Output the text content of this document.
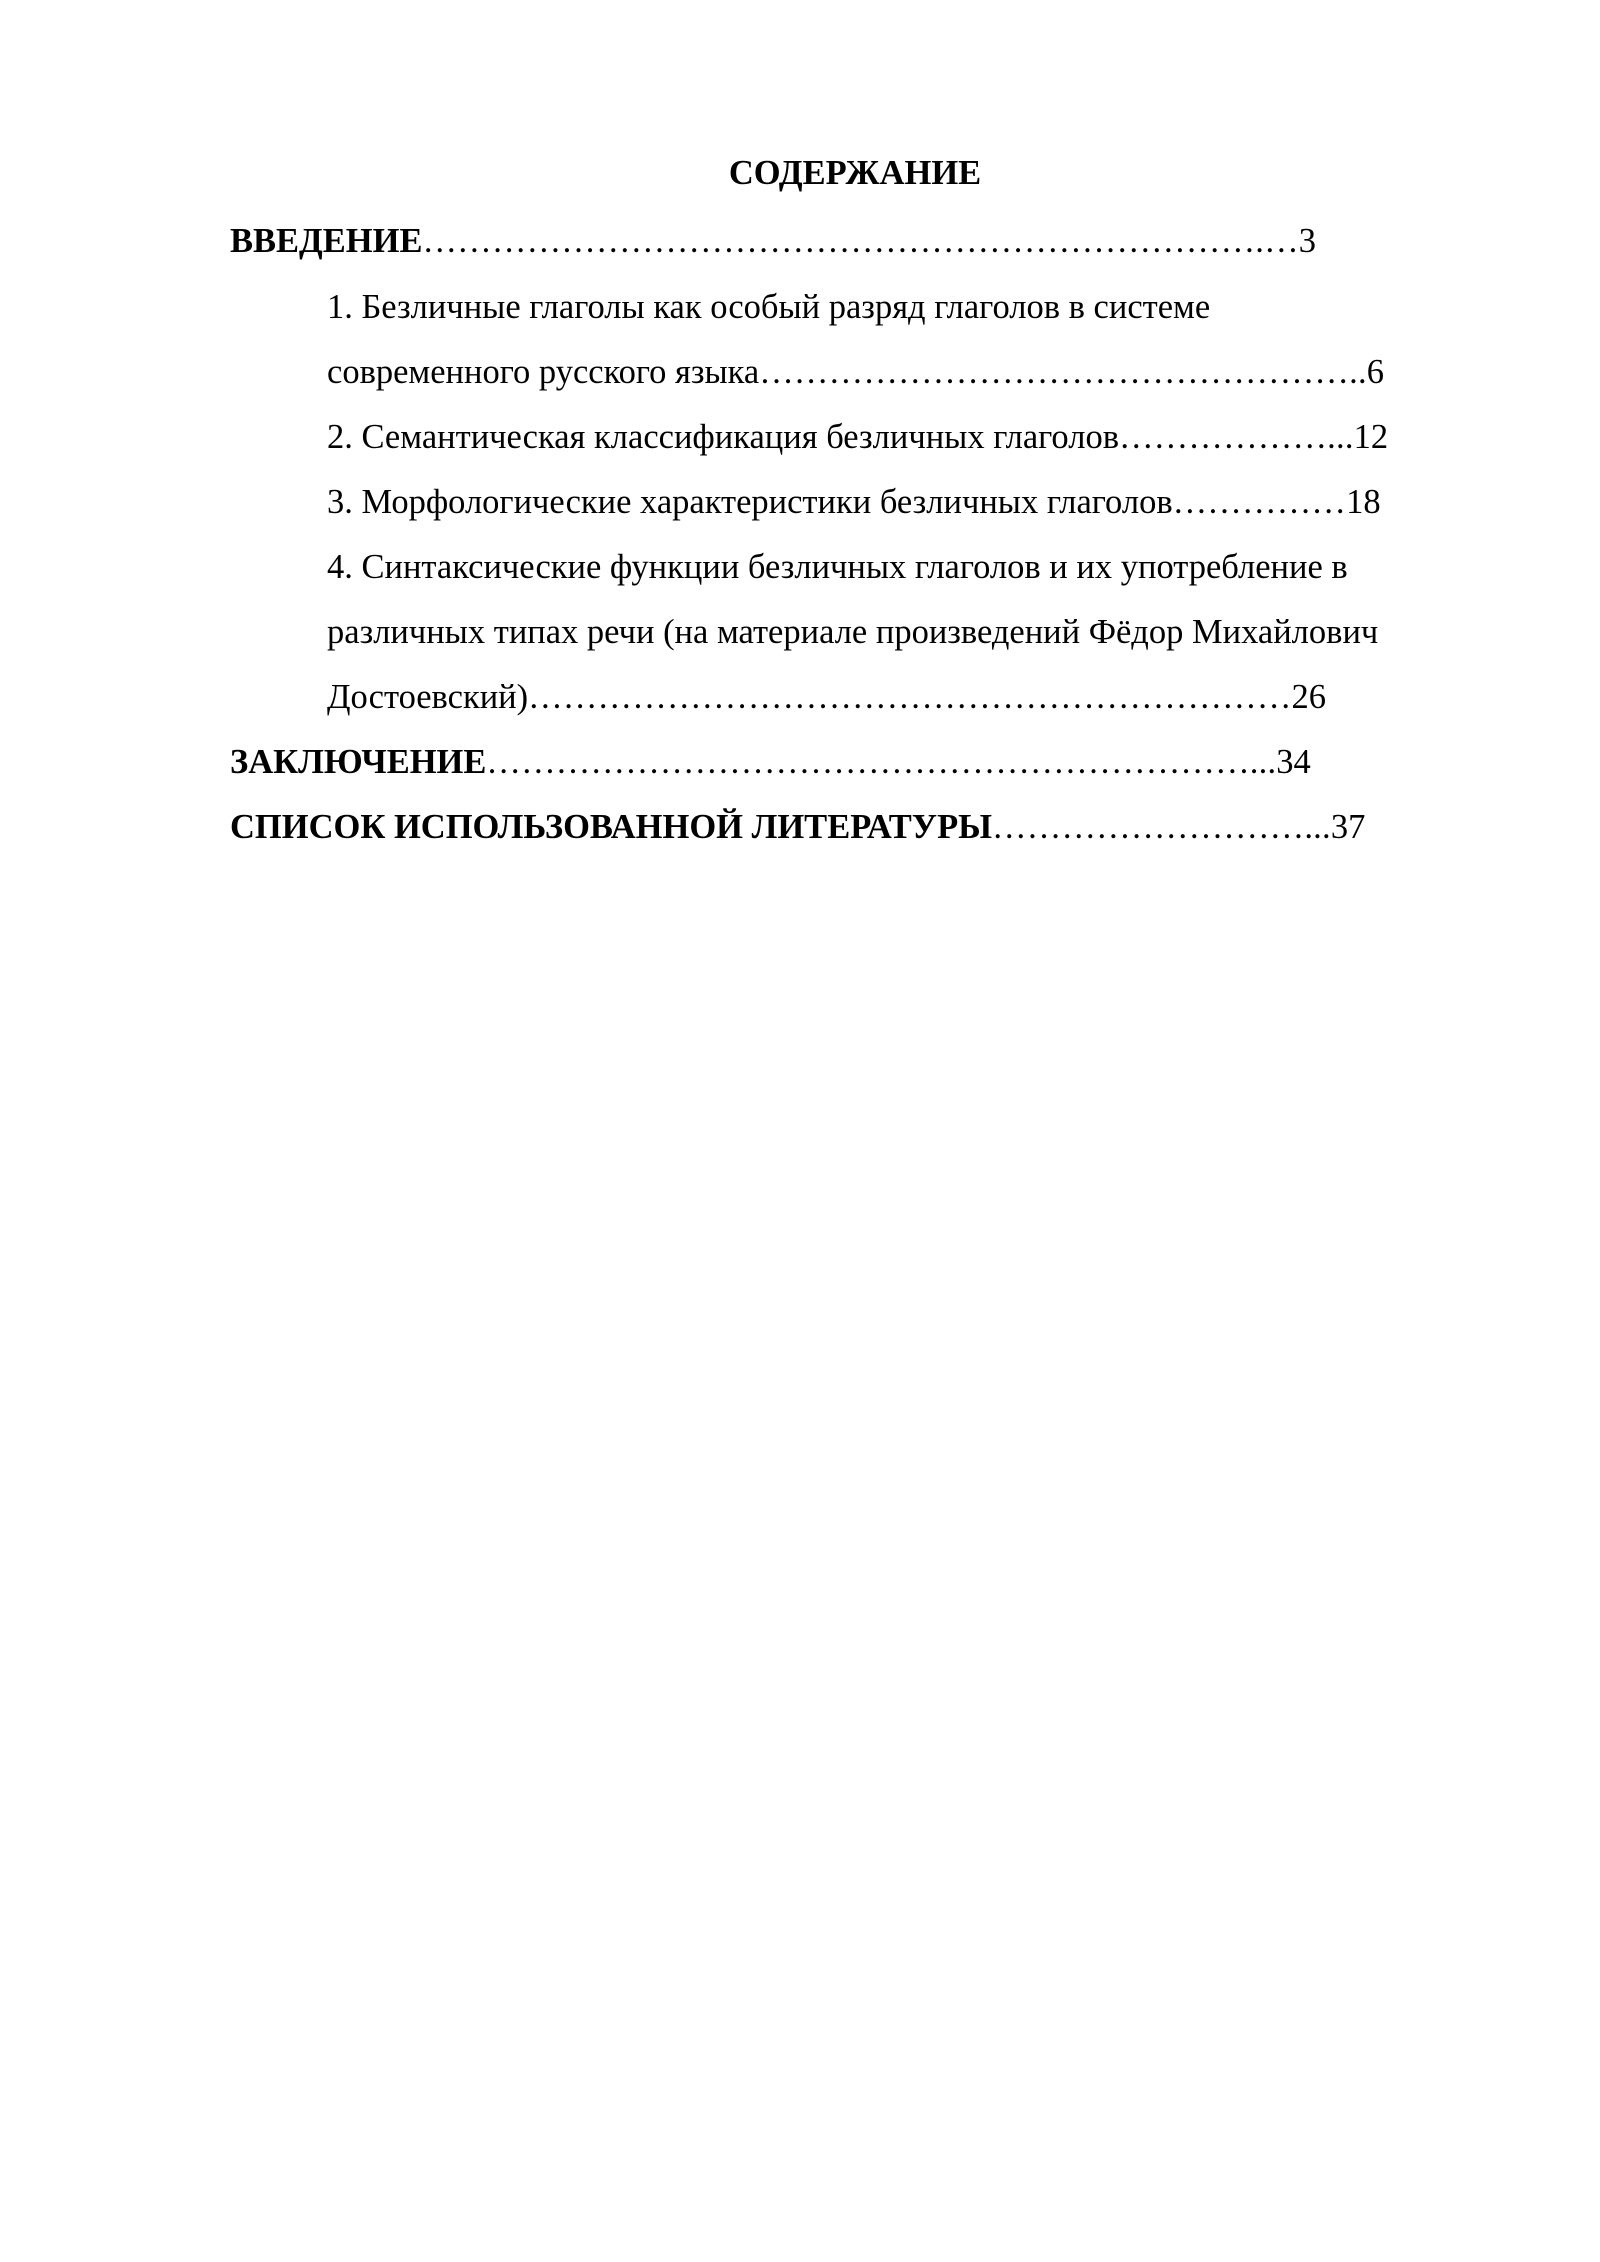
СОДЕРЖАНИЕ
ВВЕДЕНИЕ……………………………………………………………….…3
1. Безличные глаголы как особый разряд глаголов в системе
современного русского языка……………………………………………..6
2. Семантическая классификация безличных глаголов………………...12
3. Морфологические характеристики безличных глаголов……………18
4. Синтаксические функции безличных глаголов и их употребление в
различных типах речи (на материале произведений Фёдор Михайлович
Достоевский)…………………………………………………………26
ЗАКЛЮЧЕНИЕ…………………………………………………………...34
СПИСОК ИСПОЛЬЗОВАННОЙ ЛИТЕРАТУРЫ………………………...37
